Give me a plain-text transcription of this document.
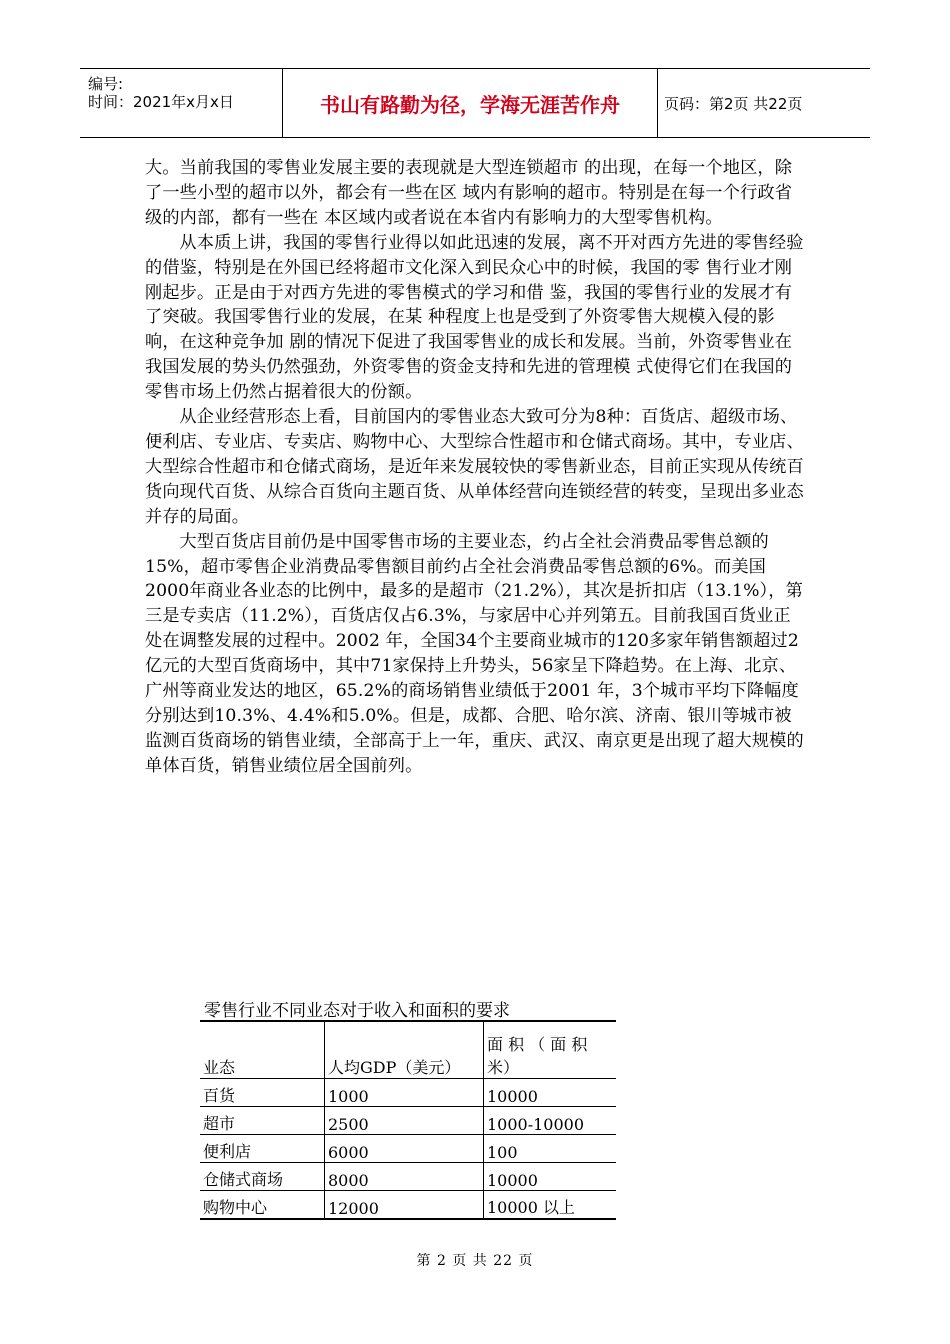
编号:
时间：2021年x月x日	书山有路勤为径，学海无涯苦作舟	页码：第2页 共22页

大。当前我国的零售业发展主要的表现就是大型连锁超市 的出现，在每一个地区，除了一些小型的超市以外，都会有一些在区 域内有影响的超市。特别是在每一个行政省级的内部，都有一些在 本区域内或者说在本省内有影响力的大型零售机构。

从本质上讲，我国的零售行业得以如此迅速的发展，离不开对西方先进的零售经验的借鉴，特别是在外国已经将超市文化深入到民众心中的时候，我国的零 售行业才刚刚起步。正是由于对西方先进的零售模式的学习和借 鉴，我国的零售行业的发展才有了突破。我国零售行业的发展，在某 种程度上也是受到了外资零售大规模入侵的影响，在这种竞争加 剧的情况下促进了我国零售业的成长和发展。当前，外资零售业在 我国发展的势头仍然强劲，外资零售的资金支持和先进的管理模 式使得它们在我国的零售市场上仍然占据着很大的份额。

从企业经营形态上看，目前国内的零售业态大致可分为8种：百货店、超级市场、便利店、专业店、专卖店、购物中心、大型综合性超市和仓储式商场。其中，专业店、大型综合性超市和仓储式商场，是近年来发展较快的零售新业态，目前正实现从传统百货向现代百货、从综合百货向主题百货、从单体经营向连锁经营的转变，呈现出多业态并存的局面。

大型百货店目前仍是中国零售市场的主要业态，约占全社会消费品零售总额的15%，超市零售企业消费品零售额目前约占全社会消费品零售总额的6%。而美国2000年商业各业态的比例中，最多的是超市（21.2%），其次是折扣店（13.1%），第三是专卖店（11.2%），百货店仅占6.3%，与家居中心并列第五。目前我国百货业正处在调整发展的过程中。2002 年，全国34个主要商业城市的120多家年销售额超过2亿元的大型百货商场中，其中71家保持上升势头，56家呈下降趋势。在上海、北京、广州等商业发达的地区，65.2%的商场销售业绩低于2001 年，3个城市平均下降幅度分别达到10.3%、4.4%和5.0%。但是，成都、合肥、哈尔滨、济南、银川等城市被监测百货商场的销售业绩，全部高于上一年，重庆、武汉、南京更是出现了超大规模的单体百货，销售业绩位居全国前列。

零售行业不同业态对于收入和面积的要求
业态	人均GDP（美元）	面 积 （ 面 积 米）
百货	1000	10000
超市	2500	1000-10000
便利店	6000	100
仓储式商场	8000	10000
购物中心	12000	10000 以上
第 2 页 共 22 页
